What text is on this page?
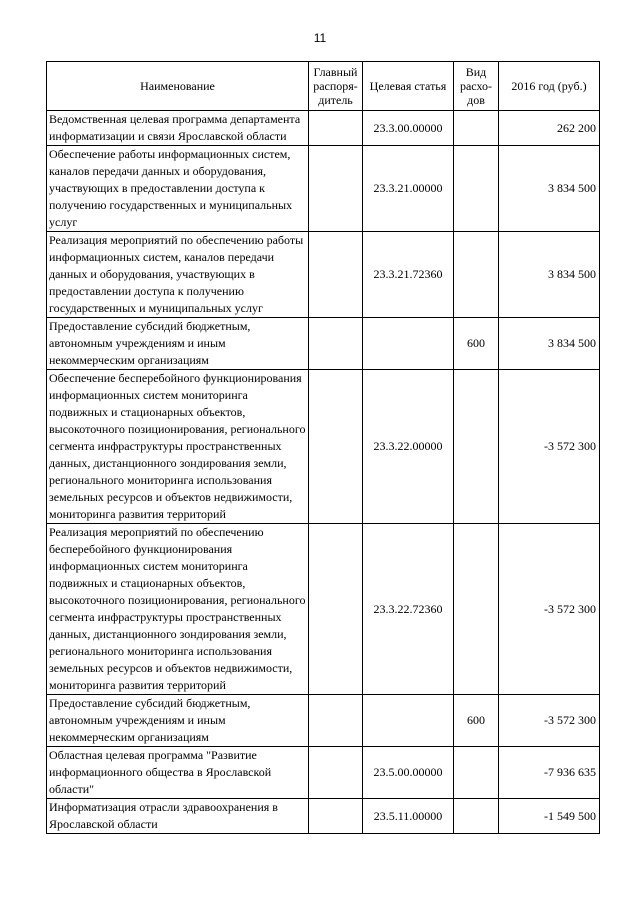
11
Наименование	Главный распоря-дитель	Целевая статья	Вид расхо-дов	2016 год (руб.)
Ведомственная целевая программа департамента информатизации и связи Ярославской области		23.3.00.00000		262 200
Обеспечение работы информационных систем, каналов передачи данных и оборудования, участвующих в предоставлении доступа к получению государственных и муниципальных услуг		23.3.21.00000		3 834 500
Реализация мероприятий по обеспечению работы информационных систем, каналов передачи данных и оборудования, участвующих в предоставлении доступа к получению государственных и муниципальных услуг		23.3.21.72360		3 834 500
Предоставление субсидий бюджетным, автономным учреждениям и иным некоммерческим организациям			600	3 834 500
Обеспечение бесперебойного функционирования информационных систем мониторинга подвижных и стационарных объектов, высокоточного позиционирования, регионального сегмента инфраструктуры пространственных данных, дистанционного зондирования земли, регионального мониторинга использования земельных ресурсов и объектов недвижимости, мониторинга развития территорий		23.3.22.00000		-3 572 300
Реализация мероприятий по обеспечению бесперебойного функционирования информационных систем мониторинга подвижных и стационарных объектов, высокоточного позиционирования, регионального сегмента инфраструктуры пространственных данных, дистанционного зондирования земли, регионального мониторинга использования земельных ресурсов и объектов недвижимости, мониторинга развития территорий		23.3.22.72360		-3 572 300
Предоставление субсидий бюджетным, автономным учреждениям и иным некоммерческим организациям			600	-3 572 300
Областная целевая программа "Развитие информационного общества в Ярославской области"		23.5.00.00000		-7 936 635
Информатизация отрасли здравоохранения в Ярославской области		23.5.11.00000		-1 549 500
